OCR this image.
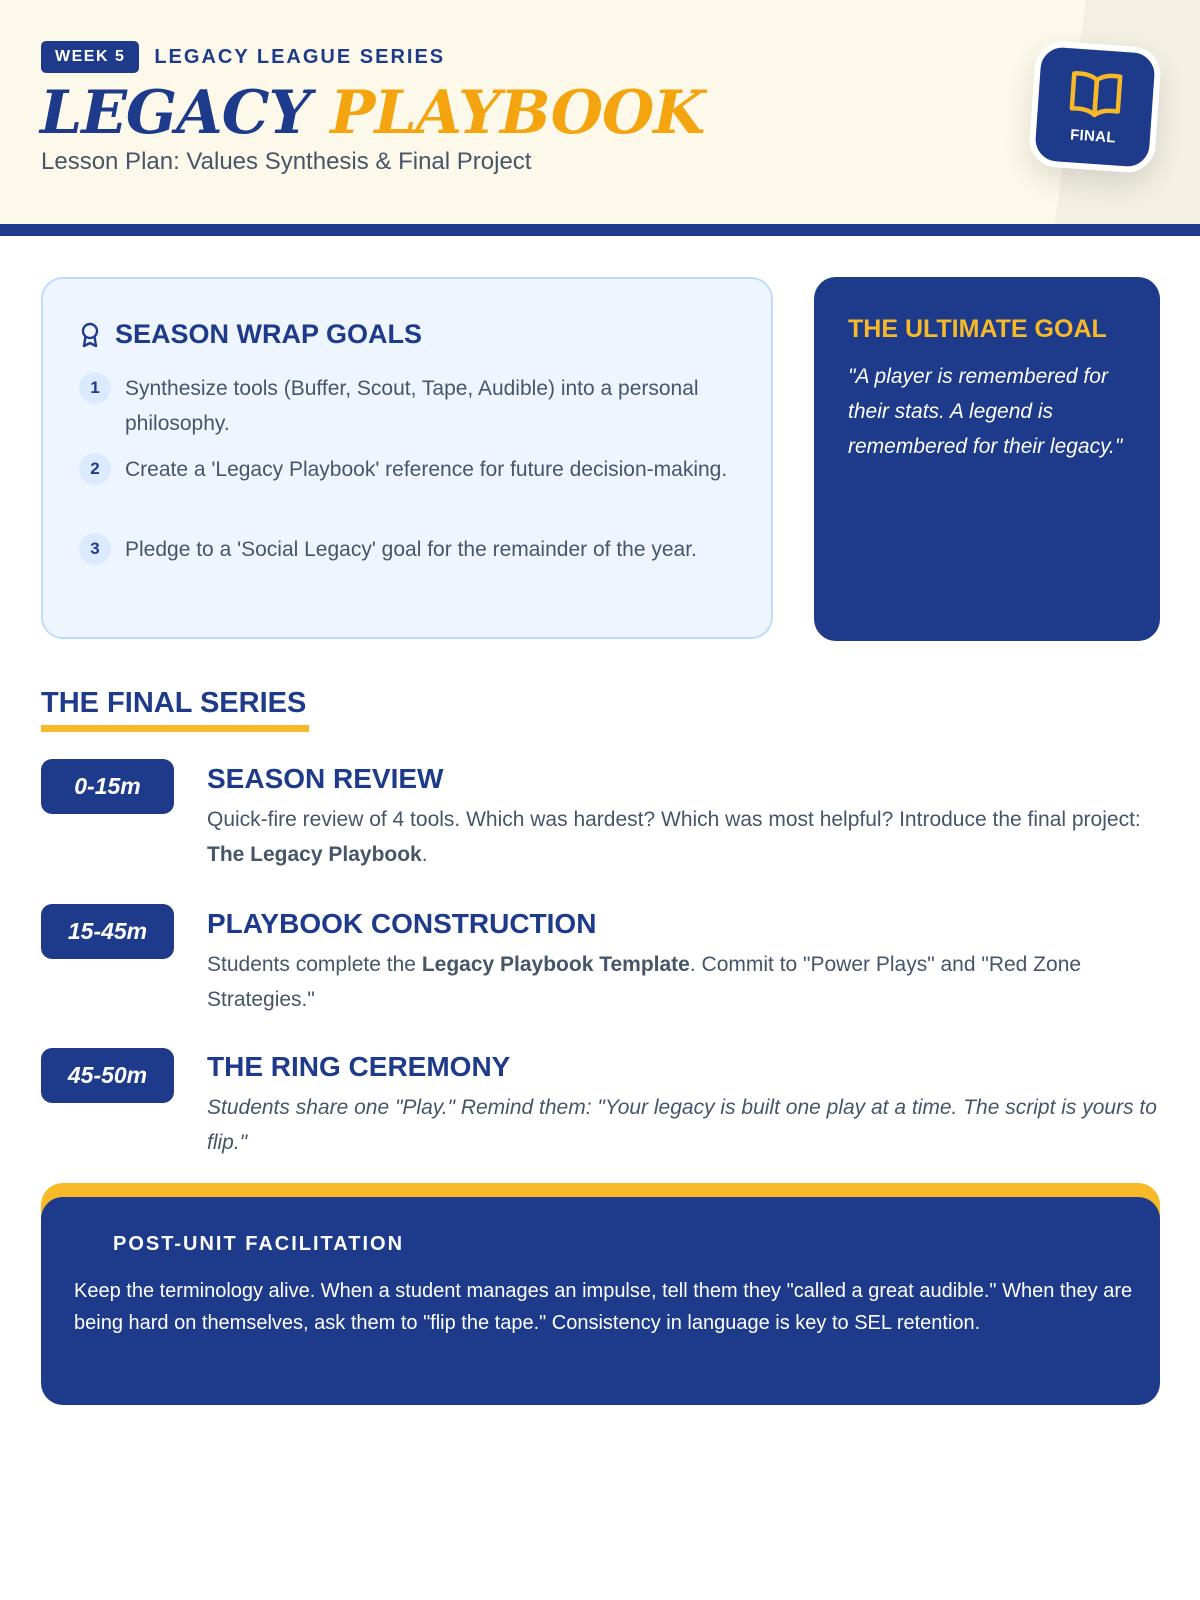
WEEK 5	LEGACY LEAGUE SERIES
LEGACY PLAYBOOK
Lesson Plan: Values Synthesis & Final Project
FINAL
SEASON WRAP GOALS
1	Synthesize tools (Buffer, Scout, Tape, Audible) into a personal philosophy.
2	Create a 'Legacy Playbook' reference for future decision-making.
3	Pledge to a 'Social Legacy' goal for the remainder of the year.
THE ULTIMATE GOAL
"A player is remembered for their stats. A legend is remembered for their legacy."
THE FINAL SERIES
0-15m	SEASON REVIEW
Quick-fire review of 4 tools. Which was hardest? Which was most helpful? Introduce the final project: The Legacy Playbook.
15-45m	PLAYBOOK CONSTRUCTION
Students complete the Legacy Playbook Template. Commit to "Power Plays" and "Red Zone Strategies."
45-50m	THE RING CEREMONY
Students share one "Play." Remind them: "Your legacy is built one play at a time. The script is yours to flip."
POST-UNIT FACILITATION
Keep the terminology alive. When a student manages an impulse, tell them they "called a great audible." When they are being hard on themselves, ask them to "flip the tape." Consistency in language is key to SEL retention.
